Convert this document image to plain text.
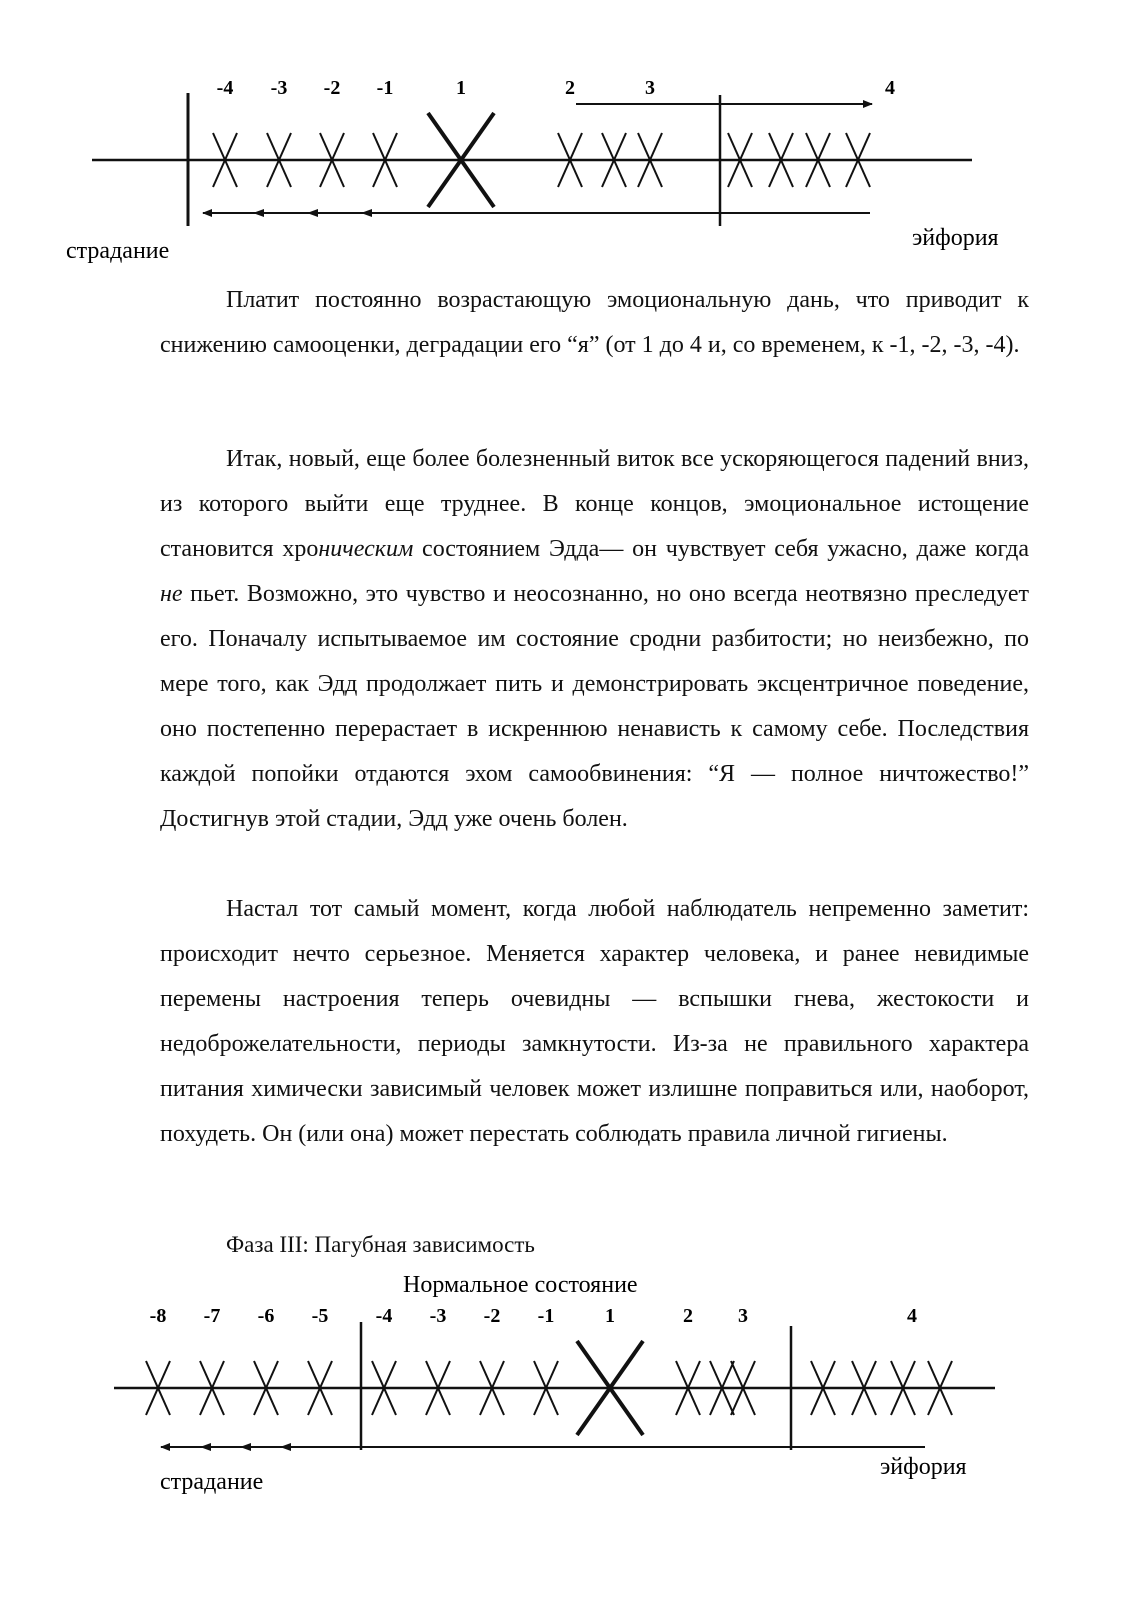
-4 -3 -2 -1	1	2	3	4
страдание	эйфория

Платит постоянно возрастающую эмоциональную дань, что приводит к снижению самооценки, деградации его “я” (от 1 до 4 и, со временем, к -1, -2, -3, -4).

Итак, новый, еще более болезненный виток все ускоряющегося падений вниз, из которого выйти еще труднее. В конце концов, эмоциональное истощение становится хроническим состоянием Эдда— он чувствует себя ужасно, даже когда не пьет. Возможно, это чувство и неосознанно, но оно всегда неотвязно преследует его. Поначалу испытываемое им состояние сродни разбитости; но неизбежно, по мере того, как Эдд продолжает пить и демонстрировать эксцентричное поведение, оно постепенно перерастает в искреннюю ненависть к самому себе. Последствия каждой попойки отдаются эхом самообвинения: “Я — полное ничтожество!” Достигнув этой стадии, Эдд уже очень болен.

Настал тот самый момент, когда любой наблюдатель непременно заметит: происходит нечто серьезное. Меняется характер человека, и ранее невидимые перемены настроения теперь очевидны — вспышки гнева, жестокости и недоброжелательности, периоды замкнутости. Из-за не правильного характера питания химически зависимый человек может излишне поправиться или, наоборот, похудеть. Он (или она) может перестать соблюдать правила личной гигиены.

Фаза III: Пагубная зависимость

Нормальное состояние
-8 -7 -6 -5 -4 -3 -2 -1	1	2 3	4
страдание
эйфория
